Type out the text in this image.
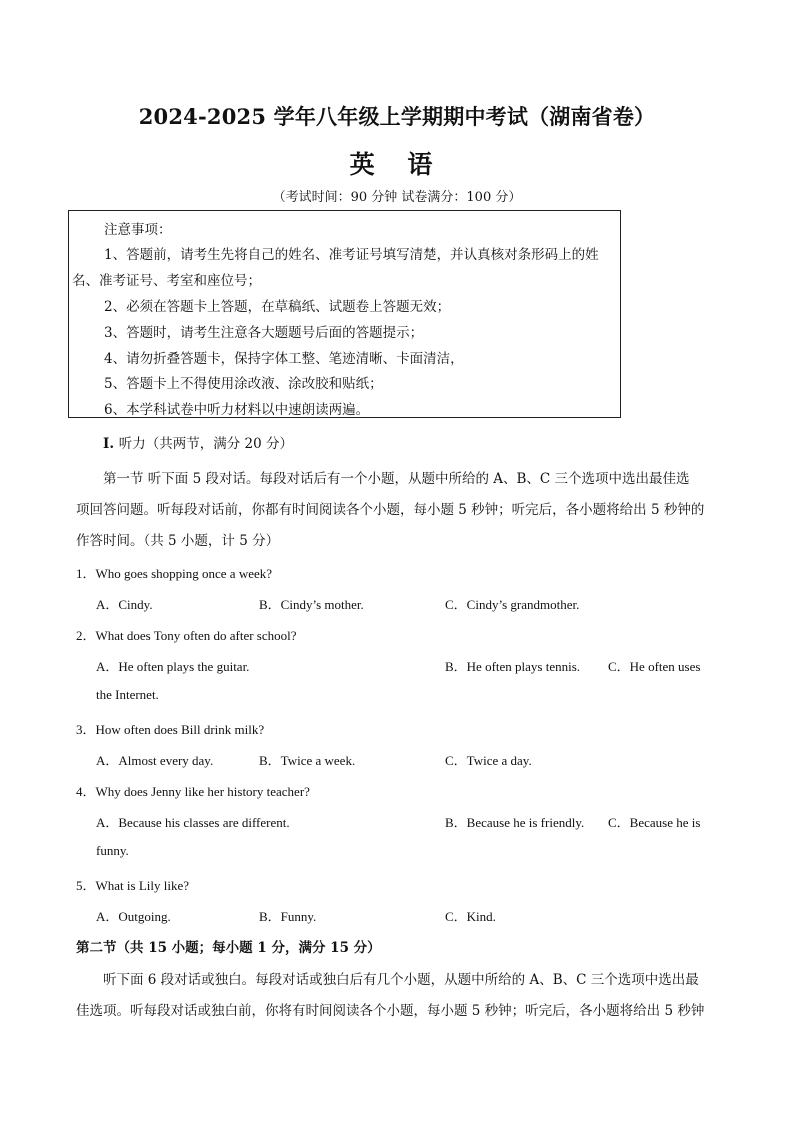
2024-2025 学年八年级上学期期中考试（湖南省卷）
英 语
（考试时间：90 分钟 试卷满分：100 分）
注意事项：
1、答题前，请考生先将自己的姓名、准考证号填写清楚，并认真核对条形码上的姓
名、准考证号、考室和座位号；
2、必须在答题卡上答题，在草稿纸、试题卷上答题无效；
3、答题时，请考生注意各大题题号后面的答题提示；
4、请勿折叠答题卡，保持字体工整、笔迹清晰、卡面清洁，
5、答题卡上不得使用涂改液、涂改胶和贴纸；
6、本学科试卷中听力材料以中速朗读两遍。
I. 听力（共两节，满分 20 分）
第一节 听下面 5 段对话。每段对话后有一个小题，从题中所给的 A、B、C 三个选项中选出最佳选
项回答问题。听每段对话前，你都有时间阅读各个小题，每小题 5 秒钟；听完后，各小题将给出 5 秒钟的
作答时间。（共 5 小题，计 5 分）
1．Who goes shopping once a week?
A．Cindy.	B．Cindy’s mother.	C．Cindy’s grandmother.
2．What does Tony often do after school?
A．He often plays the guitar.	B．He often plays tennis. C．He often uses
the Internet.
3．How often does Bill drink milk?
A．Almost every day.	B．Twice a week.	C．Twice a day.
4．Why does Jenny like her history teacher?
A．Because his classes are different.	B．Because he is friendly. C．Because he is
funny.
5．What is Lily like?
A．Outgoing.	B．Funny.	C．Kind.
第二节（共 15 小题；每小题 1 分，满分 15 分）
听下面 6 段对话或独白。每段对话或独白后有几个小题，从题中所给的 A、B、C 三个选项中选出最
佳选项。听每段对话或独白前，你将有时间阅读各个小题，每小题 5 秒钟；听完后，各小题将给出 5 秒钟
